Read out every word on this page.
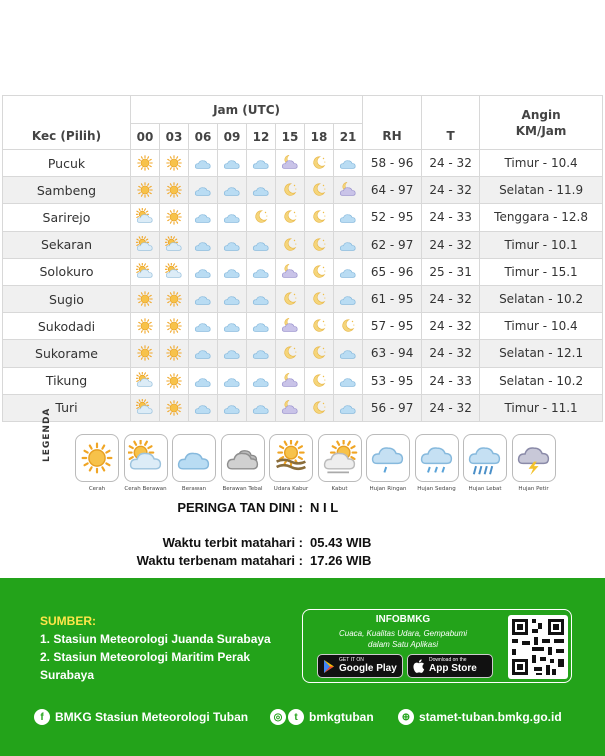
Kec (Pilih)	Jam (UTC)								RH	T	Angin
KM/Jam

	00	03	06	09	12	15	18	21			
Pucuk									58 - 96	24 - 32	Timur - 10.4
Sambeng									64 - 97	24 - 32	Selatan - 11.9
Sarirejo									52 - 95	24 - 33	Tenggara - 12.8
Sekaran									62 - 97	24 - 32	Timur - 10.1
Solokuro									65 - 96	25 - 31	Timur - 15.1
Sugio									61 - 95	24 - 32	Selatan - 10.2
Sukodadi									57 - 95	24 - 32	Timur - 10.4
Sukorame									63 - 94	24 - 32	Selatan - 12.1
Tikung									53 - 95	24 - 33	Selatan - 10.2
Turi									56 - 97	24 - 32	Timur - 11.1
LEGENDA
Cerah	Cerah Berawan	Berawan	Berawan Tebal	Udara Kabur	Kabut	Hujan Ringan	Hujan Sedang	Hujan Lebat	Hujan Petir
PERINGA TAN DINI : N I L
Waktu terbit matahari : 05.43 WIB
Waktu terbenam matahari : 17.26 WIB
SUMBER:
1. Stasiun Meteorologi Juanda Surabaya
2. Stasiun Meteorologi Maritim Perak
Surabaya
INFOBMKG
Cuaca, Kualitas Udara, Gempabumi
dalam Satu Aplikasi
GET IT ON
Google Play
Download on the
App Store
f BMKG Stasiun Meteorologi Tuban	◎	t bmkgtuban	⊕ stamet-tuban.bmkg.go.id
